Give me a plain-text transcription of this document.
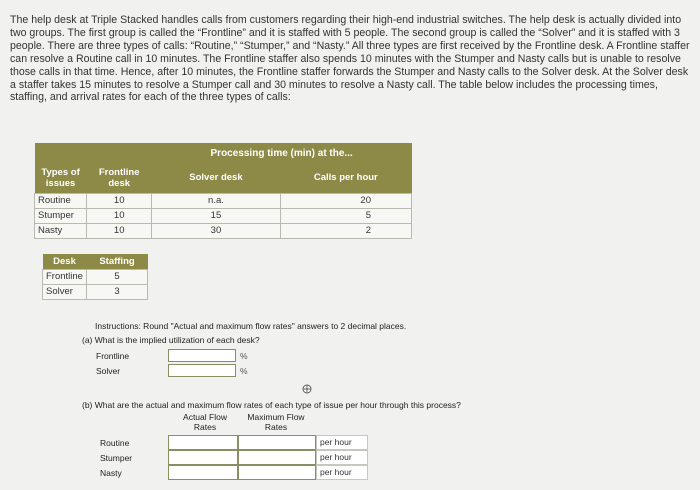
The help desk at Triple Stacked handles calls from customers regarding their high-end industrial switches. The help desk is actually divided into two groups. The first group is called the “Frontline” and it is staffed with 5 people. The second group is called the “Solver” and it is staffed with 3 people. There are three types of calls: “Routine,” “Stumper,” and “Nasty.” All three types are first received by the Frontline desk. A Frontline staffer can resolve a Routine call in 10 minutes. The Frontline staffer also spends 10 minutes with the Stumper and Nasty calls but is unable to resolve those calls in that time. Hence, after 10 minutes, the Frontline staffer forwards the Stumper and Nasty calls to the Solver desk. At the Solver desk a staffer takes 15 minutes to resolve a Stumper call and 30 minutes to resolve a Nasty call. The table below includes the processing times, staffing, and arrival rates for each of the three types of calls:

		Processing time (min) at the...	

Types of issues	Frontline desk	Solver desk	Calls per hour
Routine	10	n.a.	20
Stumper	10	15	5
Nasty	10	30	2
Desk	Staffing
Frontline	5
Solver	3
Instructions: Round "Actual and maximum flow rates" answers to 2 decimal places.
(a) What is the implied utilization of each desk?
Frontline	%
Solver	%
(b) What are the actual and maximum flow rates of each type of issue per hour through this process?
Actual Flow
Rates
Maximum Flow
Rates
Routine	per hour
Stumper	per hour
Nasty	per hour
